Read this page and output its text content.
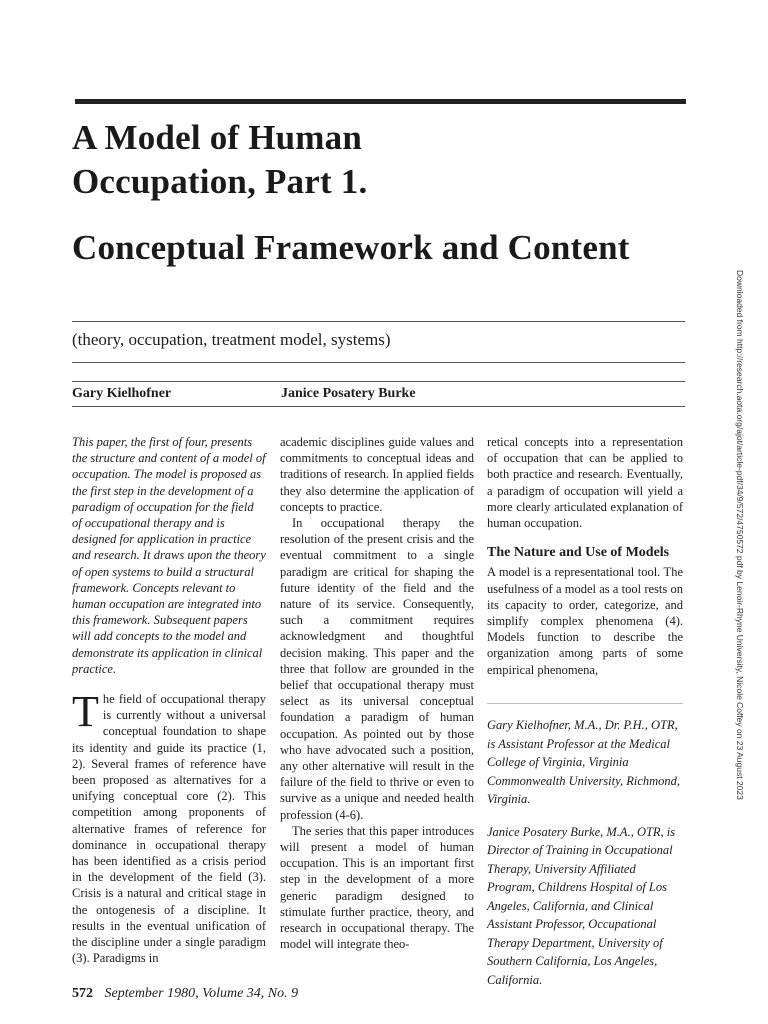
A Model of Human
Occupation, Part 1.
Conceptual Framework and Content
(theory, occupation, treatment model, systems)
Gary Kielhofner	Janice Posatery Burke

This paper, the first of four, presents the structure and content of a model of occupation. The model is proposed as the first step in the development of a paradigm of occupation for the field of occupational therapy and is designed for application in practice and research. It draws upon the theory of open systems to build a structural framework. Concepts relevant to human occupation are integrated into this framework. Subsequent papers will add concepts to the model and demonstrate its application in clinical practice.

T he field of occupational therapy is currently without a universal conceptual foundation to shape its identity and guide its practice (1, 2). Several frames of reference have been proposed as alternatives for a unifying conceptual core (2). This competition among proponents of alternative frames of reference for dominance in occupational therapy has been identified as a crisis period in the development of the field (3). Crisis is a natural and critical stage in the ontogenesis of a discipline. It results in the eventual unification of the discipline under a single paradigm (3). Paradigms in

academic disciplines guide values and commitments to conceptual ideas and traditions of research. In applied fields they also determine the application of concepts to practice.

In occupational therapy the resolution of the present crisis and the eventual commitment to a single paradigm are critical for shaping the future identity of the field and the nature of its service. Consequently, such a commitment requires acknowledgment and thoughtful decision making. This paper and the three that follow are grounded in the belief that occupational therapy must select as its universal conceptual foundation a paradigm of human occupation. As pointed out by those who have advocated such a position, any other alternative will result in the failure of the field to thrive or even to survive as a unique and needed health profession (4-6).

The series that this paper introduces will present a model of human occupation. This is an important first step in the development of a more generic paradigm designed to stimulate further practice, theory, and research in occupational therapy. The model will integrate theo-

retical concepts into a representation of occupation that can be applied to both practice and research. Eventually, a paradigm of occupation will yield a more clearly articulated explanation of human occupation.

The Nature and Use of Models

A model is a representational tool. The usefulness of a model as a tool rests on its capacity to order, categorize, and simplify complex phenomena (4). Models function to describe the organization among parts of some empirical phenomena,

Gary Kielhofner, M.A., Dr. P.H., OTR, is Assistant Professor at the Medical College of Virginia, Virginia Commonwealth University, Richmond, Virginia.

Janice Posatery Burke, M.A., OTR, is Director of Training in Occupational Therapy, University Affiliated Program, Childrens Hospital of Los Angeles, California, and Clinical Assistant Professor, Occupational Therapy Department, University of Southern California, Los Angeles, California.

572 September 1980, Volume 34, No. 9
Downloaded from http://research.aota.org/ajot/article-pdf/34/9/572/4750572 pdf by Lenoir-Rhyne University, Nicole Coffey on 23 August 2023
